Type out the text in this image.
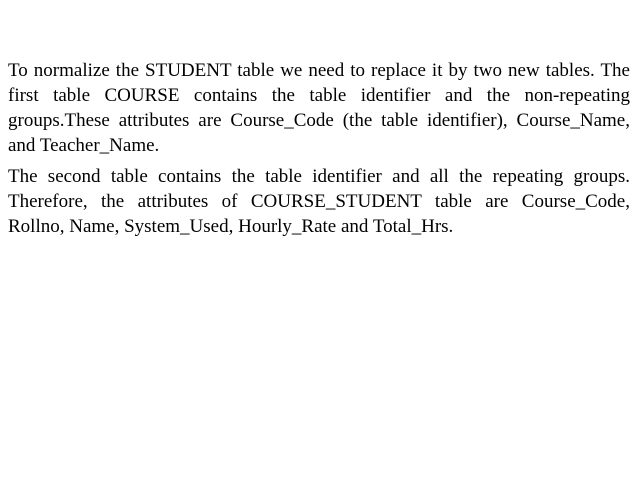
To normalize the STUDENT table we need to replace it by two new tables. The first table COURSE contains the table identifier and the non-repeating groups.These attributes are Course_Code (the table identifier), Course_Name, and Teacher_Name.

The second table contains the table identifier and all the repeating groups. Therefore, the attributes of COURSE_STUDENT table are Course_Code, Rollno, Name, System_Used, Hourly_Rate and Total_Hrs.
